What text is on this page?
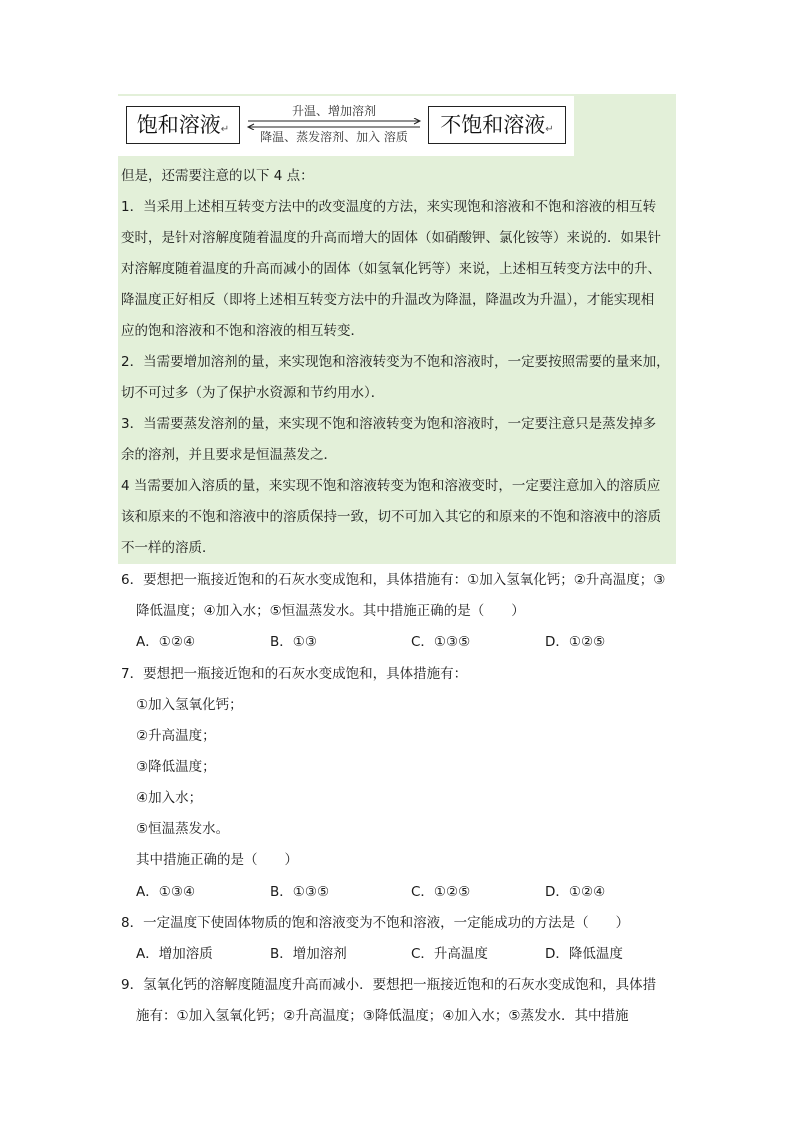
饱和溶液↵
升温、增加溶剂
降温、蒸发溶剂、加入 溶质	不饱和溶液↵
但是，还需要注意的以下 4 点：
1．当采用上述相互转变方法中的改变温度的方法，来实现饱和溶液和不饱和溶液的相互转
变时，是针对溶解度随着温度的升高而增大的固体（如硝酸钾、氯化铵等）来说的．如果针
对溶解度随着温度的升高而减小的固体（如氢氧化钙等）来说，上述相互转变方法中的升、
降温度正好相反（即将上述相互转变方法中的升温改为降温，降温改为升温），才能实现相
应的饱和溶液和不饱和溶液的相互转变．
2．当需要增加溶剂的量，来实现饱和溶液转变为不饱和溶液时，一定要按照需要的量来加，
切不可过多（为了保护水资源和节约用水）．
3．当需要蒸发溶剂的量，来实现不饱和溶液转变为饱和溶液时，一定要注意只是蒸发掉多
余的溶剂，并且要求是恒温蒸发之．
4 当需要加入溶质的量，来实现不饱和溶液转变为饱和溶液变时，一定要注意加入的溶质应
该和原来的不饱和溶液中的溶质保持一致，切不可加入其它的和原来的不饱和溶液中的溶质
不一样的溶质．
6．要想把一瓶接近饱和的石灰水变成饱和，具体措施有：①加入氢氧化钙；②升高温度；③
降低温度；④加入水；⑤恒温蒸发水。其中措施正确的是（　　）
A．①②④	B．①③	C．①③⑤	D．①②⑤
7．要想把一瓶接近饱和的石灰水变成饱和，具体措施有：
①加入氢氧化钙；
②升高温度；
③降低温度；
④加入水；
⑤恒温蒸发水。
其中措施正确的是（　　）
A．①③④	B．①③⑤	C．①②⑤	D．①②④
8．一定温度下使固体物质的饱和溶液变为不饱和溶液，一定能成功的方法是（　　）
A．增加溶质	B．增加溶剂	C．升高温度	D．降低温度
9．氢氧化钙的溶解度随温度升高而减小．要想把一瓶接近饱和的石灰水变成饱和，具体措
施有：①加入氢氧化钙；②升高温度；③降低温度；④加入水；⑤蒸发水．其中措施
